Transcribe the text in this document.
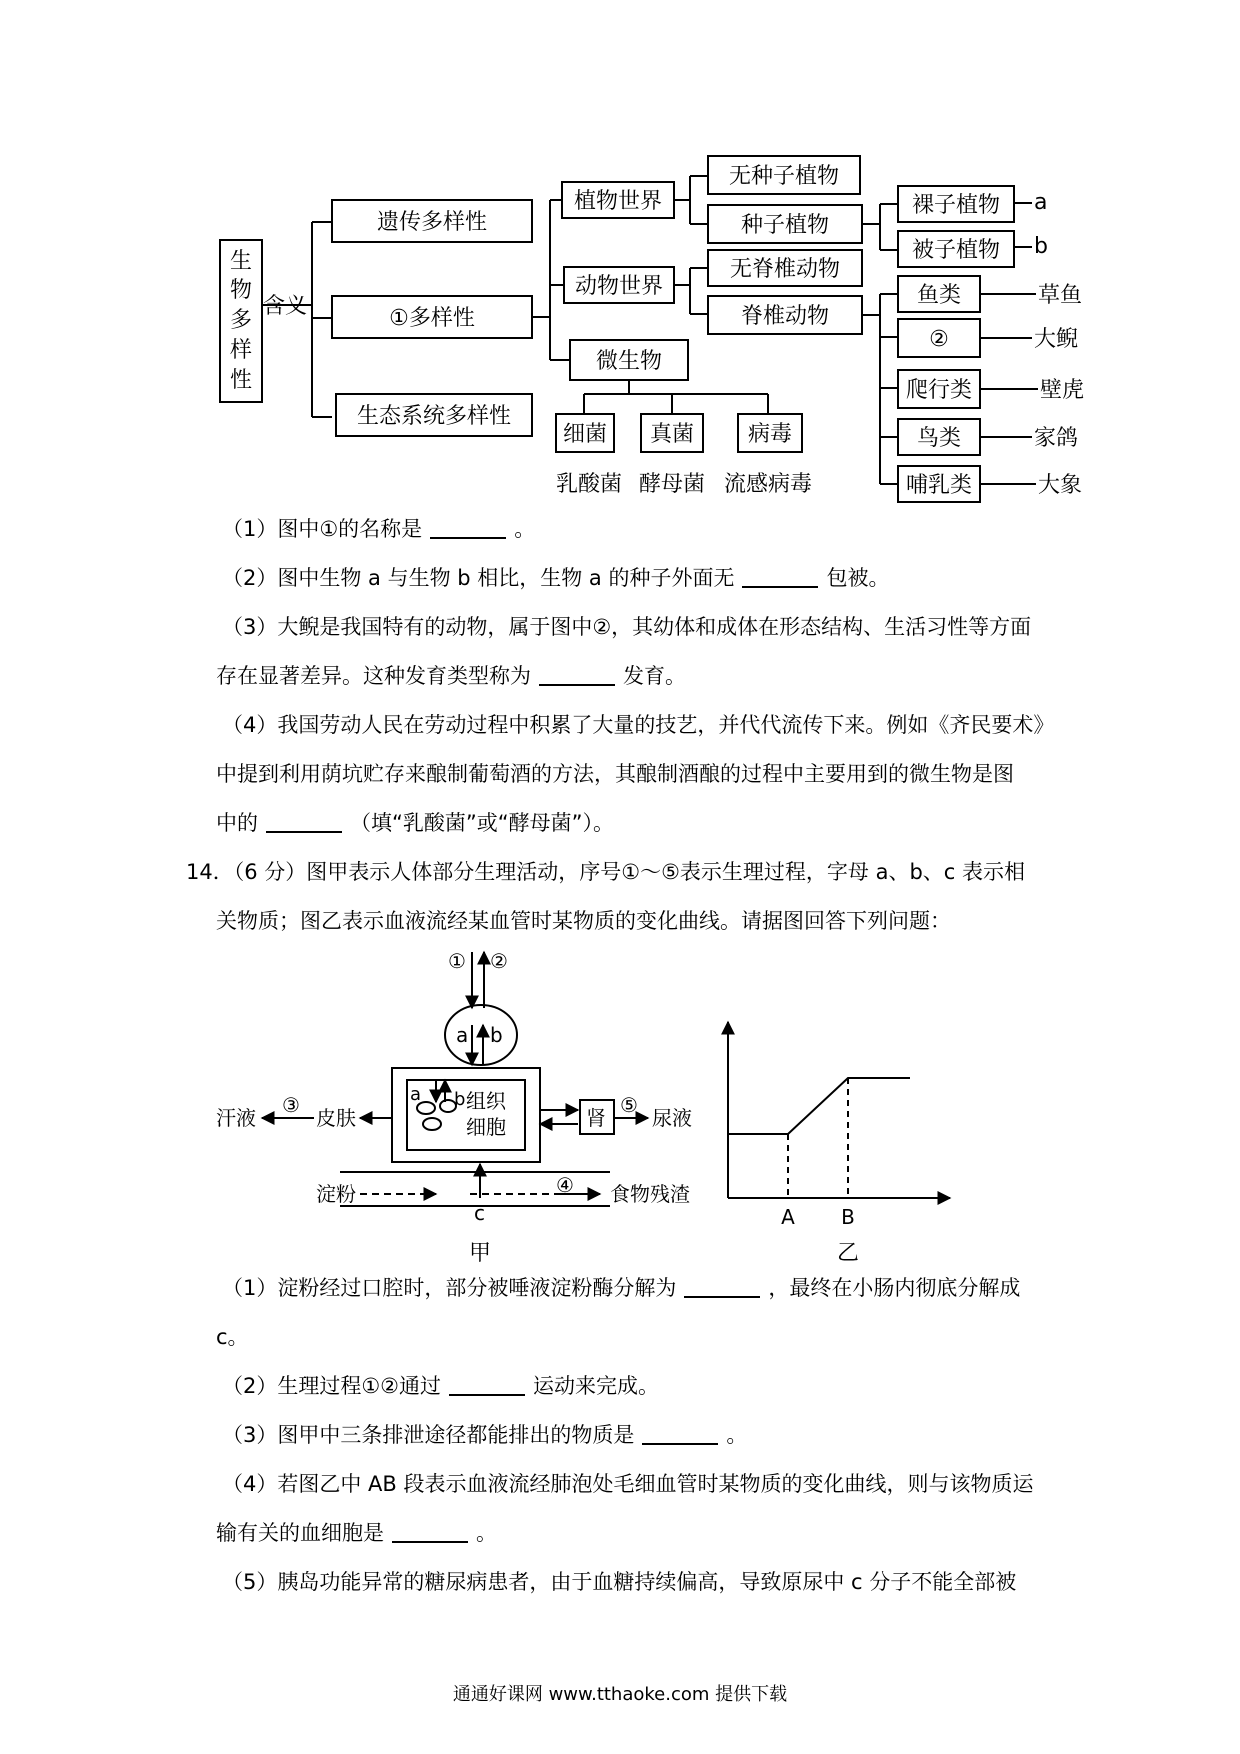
生
物
多
样
性
含义
遗传多样性
①多样性
生态系统多样性
植物世界
动物世界
微生物
无种子植物
种子植物
裸子植物
被子植物
a
b
无脊椎动物
脊椎动物
鱼类
②
爬行类
鸟类
哺乳类
草鱼
大鲵
壁虎
家鸽
大象
细菌 真菌 病毒
乳酸菌 酵母菌 流感病毒
（1）图中①的名称是	。
（2）图中生物 a 与生物 b 相比，生物 a 的种子外面无	包被。
（3）大鲵是我国特有的动物，属于图中②，其幼体和成体在形态结构、生活习性等方面
存在显著差异。这种发育类型称为	发育。
（4）我国劳动人民在劳动过程中积累了大量的技艺，并代代流传下来。例如《齐民要术》
中提到利用荫坑贮存来酿制葡萄酒的方法，其酿制酒酿的过程中主要用到的微生物是图
中的	（填“乳酸菌”或“酵母菌”）。
14．（6 分）图甲表示人体部分生理活动，序号①～⑤表示生理过程，字母 a、b、c 表示相
关物质；图乙表示血液流经某血管时某物质的变化曲线。请据图回答下列问题：
① ②
a b
a b 组织
细胞	肾
⑤
尿液
皮肤
③
汗液
淀粉
c
④ 食物残渣
甲
A B
乙
（1）淀粉经过口腔时，部分被唾液淀粉酶分解为	，最终在小肠内彻底分解成
c。
（2）生理过程①②通过	运动来完成。
（3）图甲中三条排泄途径都能排出的物质是	。
（4）若图乙中 AB 段表示血液流经肺泡处毛细血管时某物质的变化曲线，则与该物质运
输有关的血细胞是	。
（5）胰岛功能异常的糖尿病患者，由于血糖持续偏高，导致原尿中 c 分子不能全部被
通通好课网 www.tthaoke.com 提供下载
